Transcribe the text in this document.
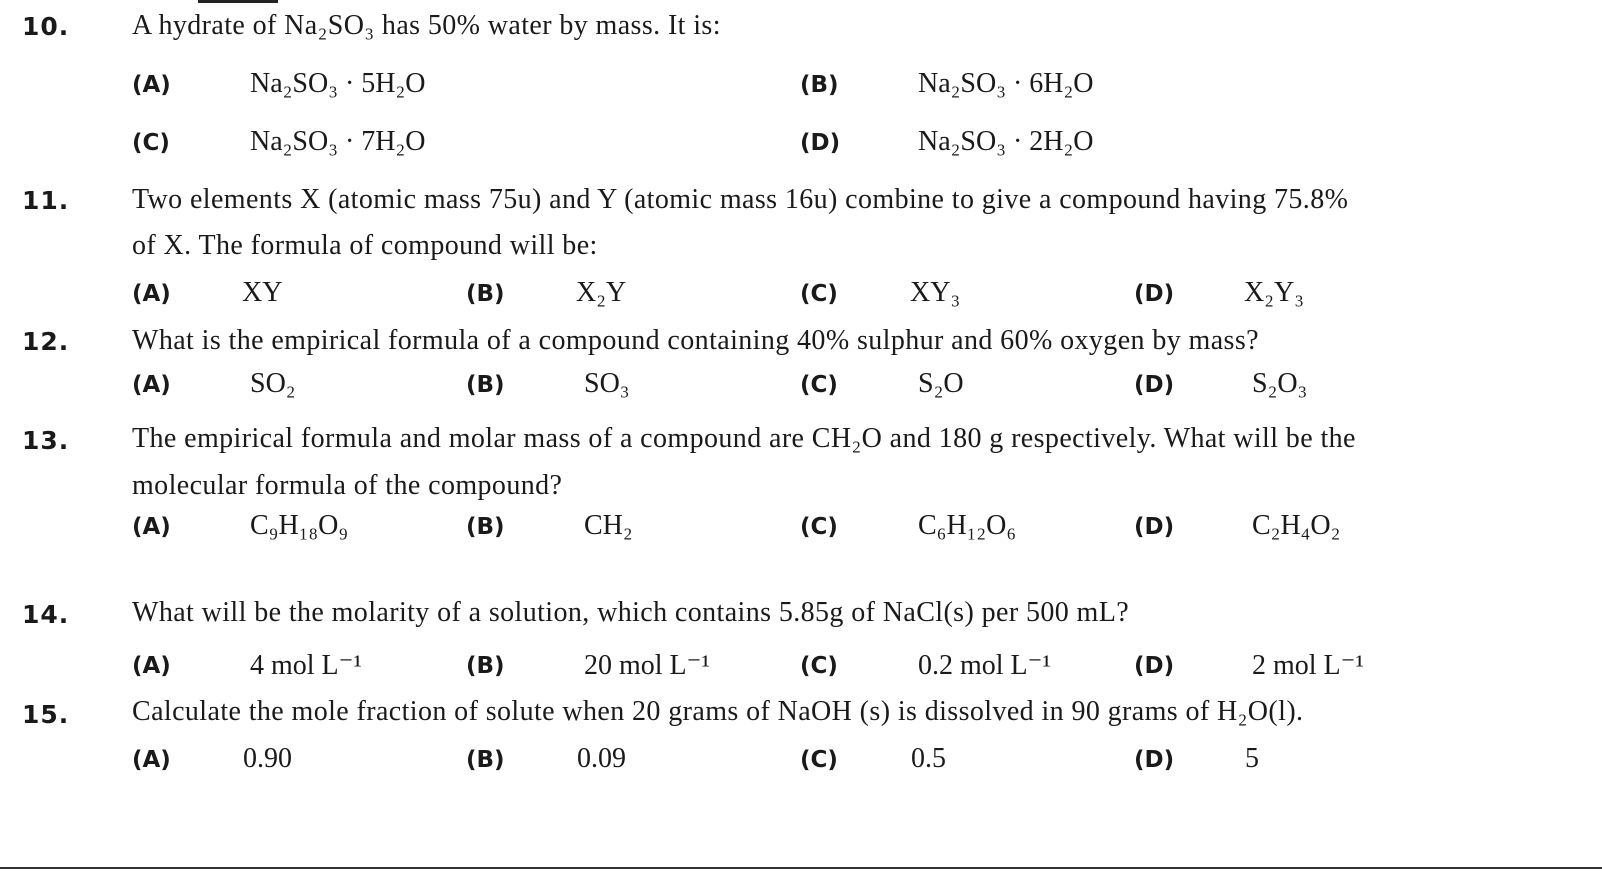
10. A hydrate of Na₂SO₃ has 50% water by mass. It is:
(A)	Na₂SO₃ · 5H₂O	(B)	Na₂SO₃ · 6H₂O
(C)	Na₂SO₃ · 7H₂O	(D)	Na₂SO₃ · 2H₂O
11. Two elements X (atomic mass 75u) and Y (atomic mass 16u) combine to give a compound having 75.8%
of X. The formula of compound will be:
(A)	XY	(B)	X₂Y	(C)	XY₃	(D) X₂Y₃
12. What is the empirical formula of a compound containing 40% sulphur and 60% oxygen by mass?
(A)	SO₂	(B)	SO₃	(C)	S₂O	(D)	S₂O₃
13. The empirical formula and molar mass of a compound are CH₂O and 180 g respectively. What will be the
molecular formula of the compound?
(A)	C₉H₁₈O₉	(B)	CH₂	(C)	C₆H₁₂O₆	(D)	C₂H₄O₂
14. What will be the molarity of a solution, which contains 5.85g of NaCl(s) per 500 mL?
(A)	4 mol L⁻¹	(B)	20 mol L⁻¹	(C)	0.2 mol L⁻¹	(D)	2 mol L⁻¹
15. Calculate the mole fraction of solute when 20 grams of NaOH (s) is dissolved in 90 grams of H₂O(l).
(A)	0.90	(B)	0.09	(C)	0.5	(D)	5
